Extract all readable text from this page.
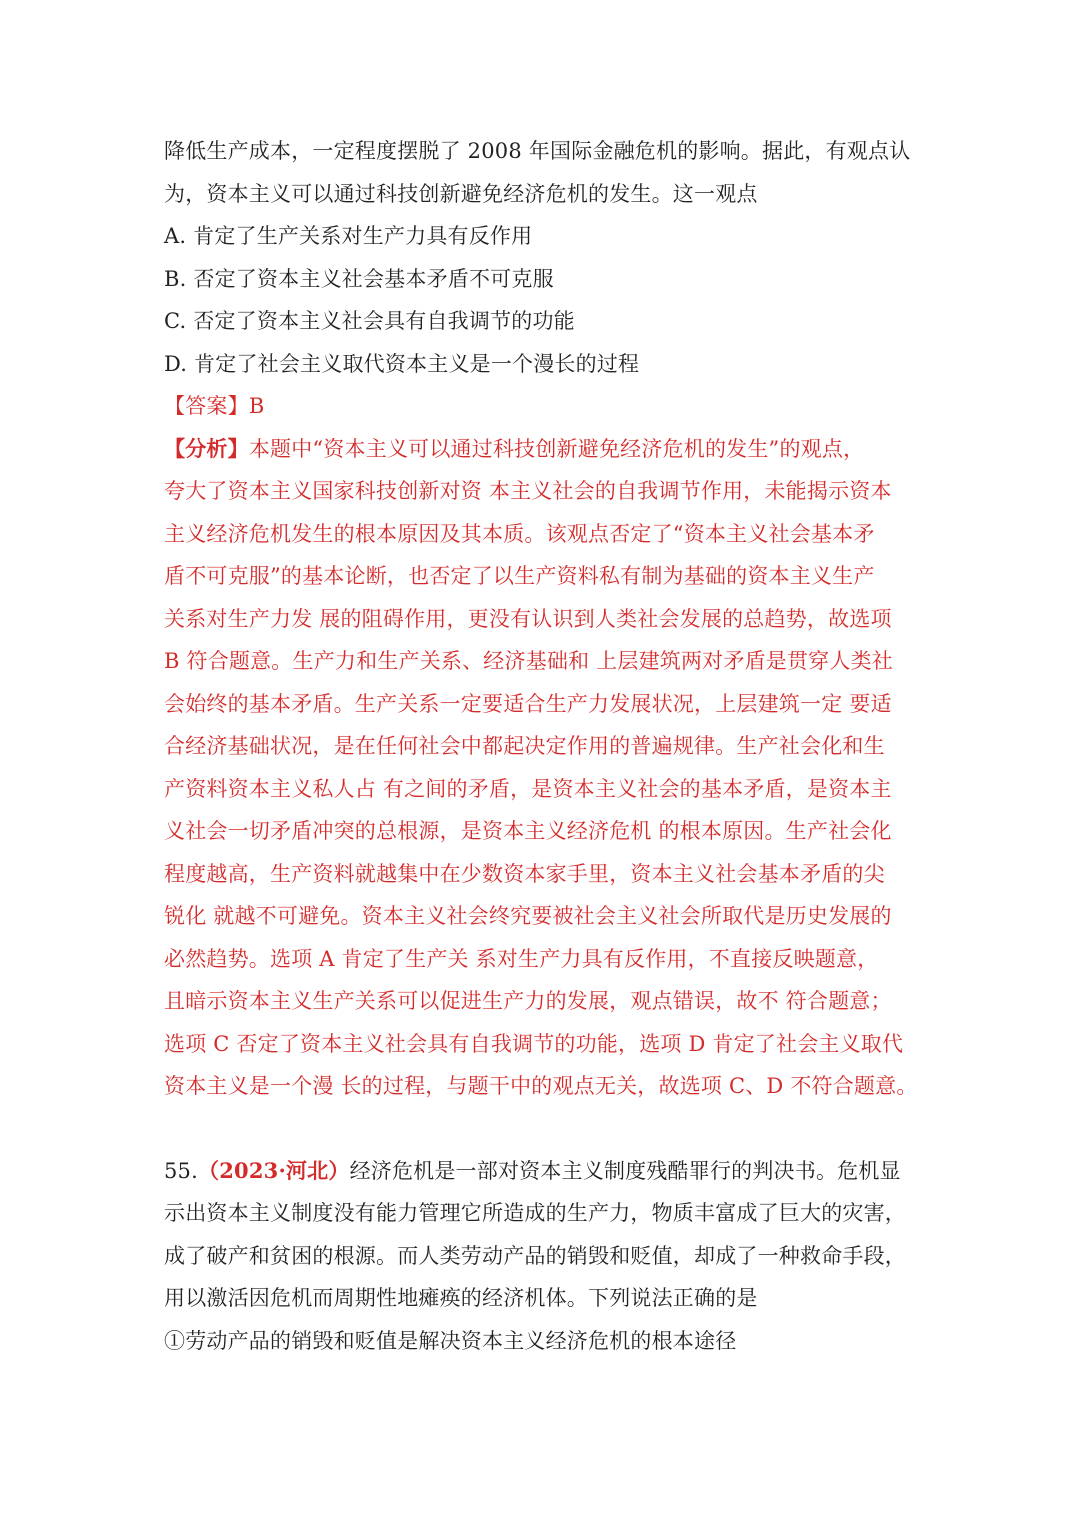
降低生产成本，一定程度摆脱了 2008 年国际金融危机的影响。据此，有观点认
为，资本主义可以通过科技创新避免经济危机的发生。这一观点
A. 肯定了生产关系对生产力具有反作用
B. 否定了资本主义社会基本矛盾不可克服
C. 否定了资本主义社会具有自我调节的功能
D. 肯定了社会主义取代资本主义是一个漫长的过程
【答案】B
【分析】本题中“资本主义可以通过科技创新避免经济危机的发生”的观点，
夸大了资本主义国家科技创新对资 本主义社会的自我调节作用，未能揭示资本
主义经济危机发生的根本原因及其本质。该观点否定了“资本主义社会基本矛
盾不可克服”的基本论断，也否定了以生产资料私有制为基础的资本主义生产
关系对生产力发 展的阻碍作用，更没有认识到人类社会发展的总趋势，故选项
B 符合题意。生产力和生产关系、经济基础和 上层建筑两对矛盾是贯穿人类社
会始终的基本矛盾。生产关系一定要适合生产力发展状况，上层建筑一定 要适
合经济基础状况，是在任何社会中都起决定作用的普遍规律。生产社会化和生
产资料资本主义私人占 有之间的矛盾，是资本主义社会的基本矛盾，是资本主
义社会一切矛盾冲突的总根源，是资本主义经济危机 的根本原因。生产社会化
程度越高，生产资料就越集中在少数资本家手里，资本主义社会基本矛盾的尖
锐化 就越不可避免。资本主义社会终究要被社会主义社会所取代是历史发展的
必然趋势。选项 A 肯定了生产关 系对生产力具有反作用，不直接反映题意，
且暗示资本主义生产关系可以促进生产力的发展，观点错误，故不 符合题意；
选项 C 否定了资本主义社会具有自我调节的功能，选项 D 肯定了社会主义取代
资本主义是一个漫 长的过程，与题干中的观点无关，故选项 C、D 不符合题意。
55.（2023·河北）经济危机是一部对资本主义制度残酷罪行的判决书。危机显
示出资本主义制度没有能力管理它所造成的生产力，物质丰富成了巨大的灾害，
成了破产和贫困的根源。而人类劳动产品的销毁和贬值，却成了一种救命手段，
用以激活因危机而周期性地瘫痪的经济机体。下列说法正确的是
①劳动产品的销毁和贬值是解决资本主义经济危机的根本途径
